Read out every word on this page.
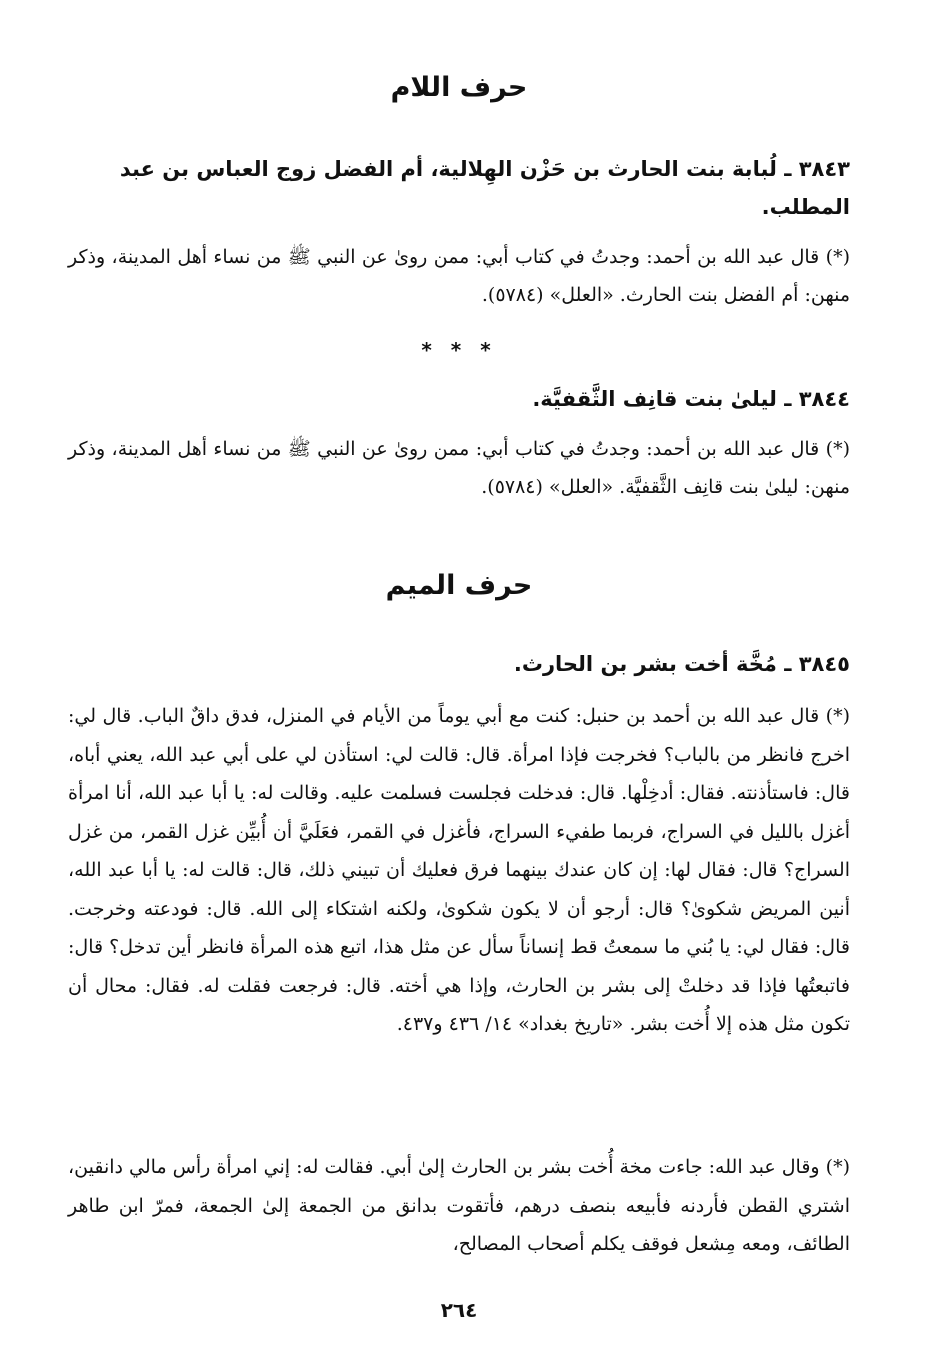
حرف اللام
٣٨٤٣ ـ لُبابة بنت الحارث بن حَزْن الهِلالية، أم الفضل زوج العباس بن عبد المطلب.
(*) قال عبد الله بن أحمد: وجدتُ في كتاب أبي: ممن روىٰ عن النبي ﷺ من نساء أهل المدينة، وذكر منهن: أم الفضل بنت الحارث. «العلل» (٥٧٨٤).
* * *
٣٨٤٤ ـ ليلىٰ بنت قانِف الثَّقفيَّة.
(*) قال عبد الله بن أحمد: وجدتُ في كتاب أبي: ممن روىٰ عن النبي ﷺ من نساء أهل المدينة، وذكر منهن: ليلىٰ بنت قانِف الثَّقفيَّة. «العلل» (٥٧٨٤).
حرف الميم
٣٨٤٥ ـ مُخَّة أخت بشر بن الحارث.
(*) قال عبد الله بن أحمد بن حنبل: كنت مع أبي يوماً من الأيام في المنزل، فدق داقٌ الباب. قال لي: اخرج فانظر من بالباب؟ فخرجت فإذا امرأة. قال: قالت لي: استأذن لي على أبي عبد الله، يعني أباه، قال: فاستأذنته. فقال: أدخِلْها. قال: فدخلت فجلست فسلمت عليه. وقالت له: يا أبا عبد الله، أنا امرأة أغزل بالليل في السراج، فربما طفيء السراج، فأغزل في القمر، فعَلَيَّ أن أُبيِّن غزل القمر، من غزل السراج؟ قال: فقال لها: إن كان عندك بينهما فرق فعليك أن تبيني ذلك، قال: قالت له: يا أبا عبد الله، أنين المريض شكوىٰ؟ قال: أرجو أن لا يكون شكوىٰ، ولكنه اشتكاء إلى الله. قال: فودعته وخرجت. قال: فقال لي: يا بُني ما سمعتُ قط إنساناً سأل عن مثل هذا، اتبع هذه المرأة فانظر أين تدخل؟ قال: فاتبعتُها فإذا قد دخلتْ إلى بشر بن الحارث، وإذا هي أخته. قال: فرجعت فقلت له. فقال: محال أن تكون مثل هذه إلا أُخت بشر. «تاريخ بغداد» ١٤/ ٤٣٦ و٤٣٧.
(*) وقال عبد الله: جاءت مخة أُخت بشر بن الحارث إلىٰ أبي. فقالت له: إني امرأة رأس مالي دانقين، اشتري القطن فأردنه فأبيعه بنصف درهم، فأتقوت بدانق من الجمعة إلىٰ الجمعة، فمرّ ابن طاهر الطائف، ومعه مِشعل فوقف يكلم أصحاب المصالح،
٢٦٤
